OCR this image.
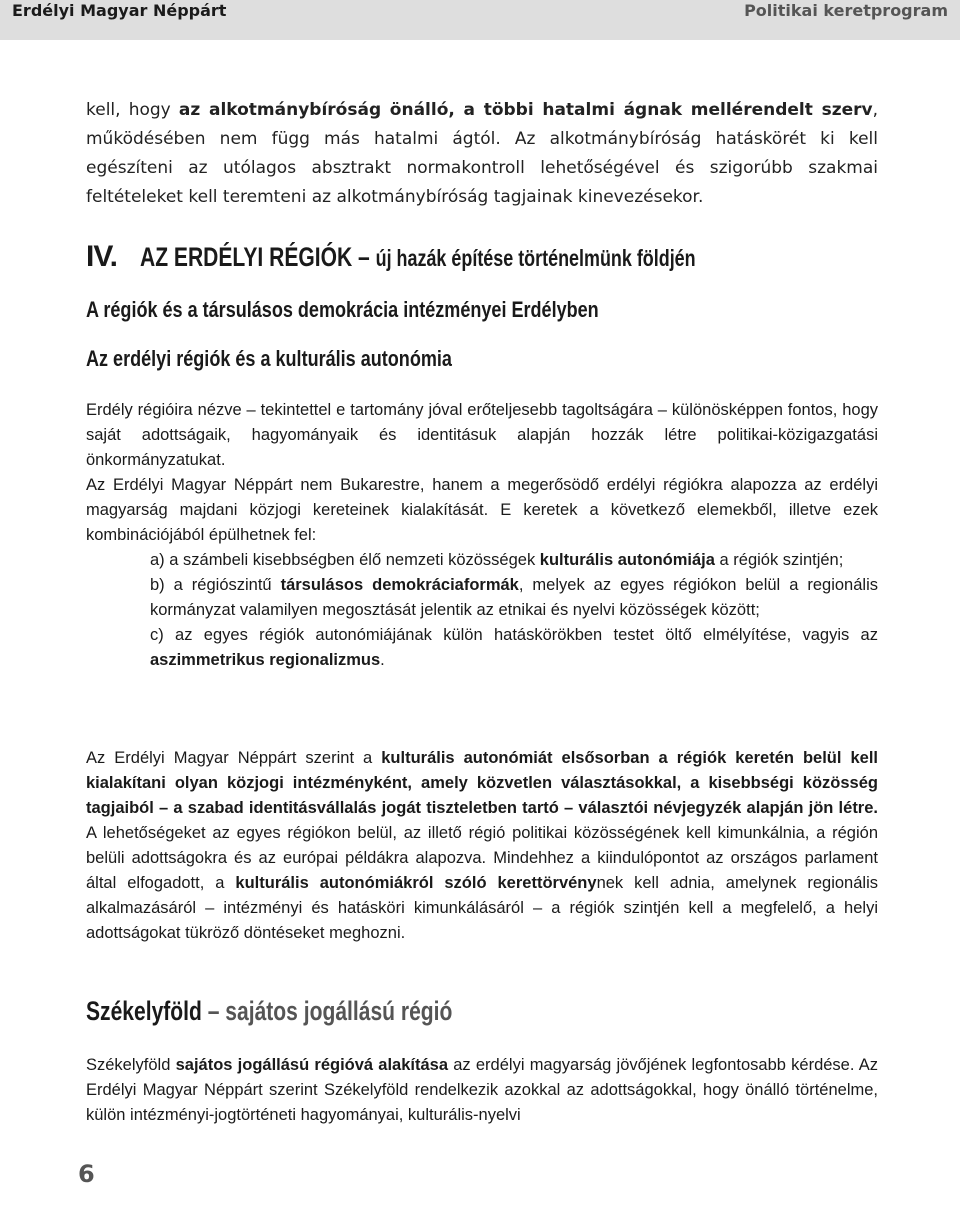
Erdélyi Magyar Néppárt	Politikai keretprogram

kell, hogy az alkotmánybíróság önálló, a többi hatalmi ágnak mellérendelt szerv, működésében nem függ más hatalmi ágtól. Az alkotmánybíróság hatáskörét ki kell egészíteni az utólagos absztrakt normakontroll lehetőségével és szigorúbb szakmai feltételeket kell teremteni az alkotmánybíróság tagjainak kinevezésekor.

IV. AZ ERDÉLYI RÉGIÓK – új hazák építése történelmünk földjén
A régiók és a társulásos demokrácia intézményei Erdélyben
Az erdélyi régiók és a kulturális autonómia

Erdély régióira nézve – tekintettel e tartomány jóval erőteljesebb tagoltságára – különösképpen fontos, hogy saját adottságaik, hagyományaik és identitásuk alapján hozzák létre politikai-közigazgatási önkormányzatukat.

Az Erdélyi Magyar Néppárt nem Bukarestre, hanem a megerősödő erdélyi régiókra alapozza az erdélyi magyarság majdani közjogi kereteinek kialakítását. E keretek a következő elemekből, illetve ezek kombinációjából épülhetnek fel:

a) a számbeli kisebbségben élő nemzeti közösségek kulturális autonómiája a régiók szintjén;
b) a régiószintű társulásos demokráciaformák, melyek az egyes régiókon belül a regionális kormányzat valamilyen megosztását jelentik az etnikai és nyelvi közösségek között;
c) az egyes régiók autonómiájának külön hatáskörökben testet öltő elmélyítése, vagyis az aszimmetrikus regionalizmus.

Az Erdélyi Magyar Néppárt szerint a kulturális autonómiát elsősorban a régiók keretén belül kell kialakítani olyan közjogi intézményként, amely közvetlen választásokkal, a kisebbségi közösség tagjaiból – a szabad identitásvállalás jogát tiszteletben tartó – választói névjegyzék alapján jön létre. A lehetőségeket az egyes régiókon belül, az illető régió politikai közösségének kell kimunkálnia, a régión belüli adottságokra és az európai példákra alapozva. Mindehhez a kiindulópontot az országos parlament által elfogadott, a kulturális autonómiákról szóló kerettörvénynek kell adnia, amelynek regionális alkalmazásáról – intézményi és hatásköri kimunkálásáról – a régiók szintjén kell a megfelelő, a helyi adottságokat tükröző döntéseket meghozni.

Székelyföld – sajátos jogállású régió

Székelyföld sajátos jogállású régióvá alakítása az erdélyi magyarság jövőjének legfontosabb kérdése. Az Erdélyi Magyar Néppárt szerint Székelyföld rendelkezik azokkal az adottságokkal, hogy önálló történelme, külön intézményi-jogtörténeti hagyományai, kulturális-nyelvi

6
